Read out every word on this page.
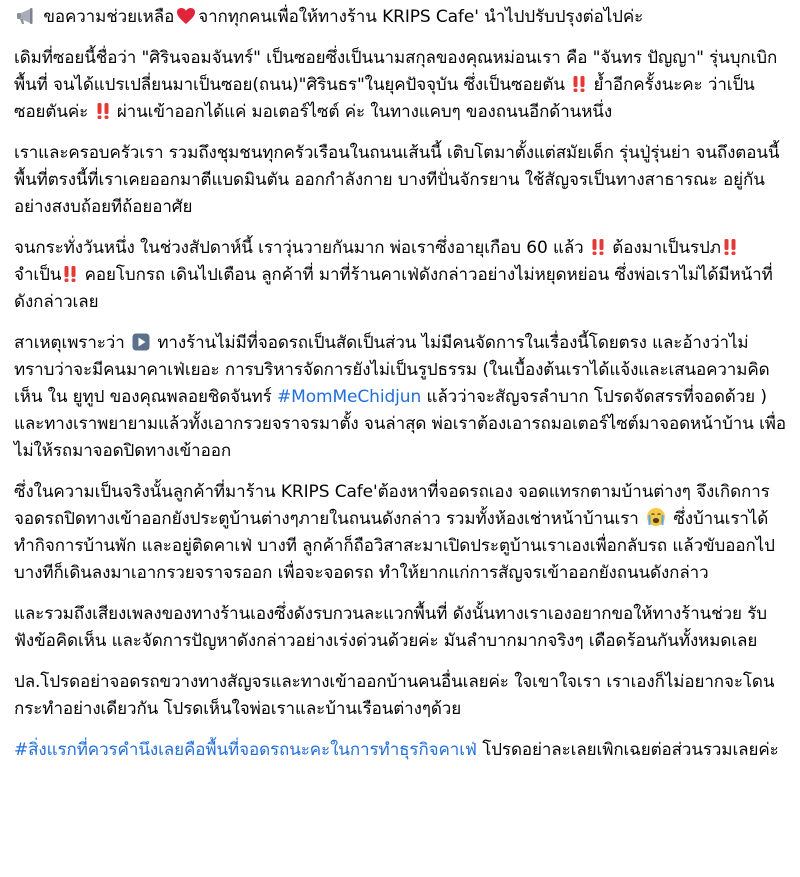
ขอความช่วยเหลือ จากทุกคนเพื่อให้ทางร้าน KRIPS Cafe' นำไปปรับปรุงต่อไปค่ะ

เดิมที่ซอยนี้ชื่อว่า "ศิรินจอมจันทร์" เป็นซอยซึ่งเป็นนามสกุลของคุณหม่อนเรา คือ "จันทร ปัญญา" รุ่นบุกเบิกพื้นที่ จนได้แปรเปลี่ยนมาเป็นซอย(ถนน)"ศิรินธร"ในยุคปัจจุบัน ซึ่งเป็นซอยตัน ย้ำอีกครั้งนะคะ ว่าเป็นซอยตันค่ะ ผ่านเข้าออกได้แค่ มอเตอร์ไซต์ ค่ะ ในทางแคบๆ ของถนนอีกด้านหนึ่ง

เราและครอบครัวเรา รวมถึงชุมชนทุกครัวเรือนในถนนเส้นนี้ เติบโตมาตั้งแต่สมัยเด็ก รุ่นปู่รุ่นย่า จนถึงตอนนี้ พื้นที่ตรงนี้ที่เราเคยออกมาตีแบดมินตัน ออกกำลังกาย บางทีปั่นจักรยาน ใช้สัญจรเป็นทางสาธารณะ อยู่กันอย่างสงบถ้อยทีถ้อยอาศัย

จนกระทั่งวันหนึ่ง ในช่วงสัปดาห์นี้ เราวุ่นวายกันมาก พ่อเราซึ่งอายุเกือบ 60 แล้ว ต้องมาเป็นรปภ
จำเป็น คอยโบกรถ เดินไปเตือน ลูกค้าที่ มาที่ร้านคาเฟ่ดังกล่าวอย่างไม่หยุดหย่อน ซึ่งพ่อเราไม่ได้มีหน้าที่ดังกล่าวเลย

สาเหตุเพราะว่า ทางร้านไม่มีที่จอดรถเป็นสัดเป็นส่วน ไม่มีคนจัดการในเรื่องนี้โดยตรง และอ้างว่าไม่ทราบว่าจะมีคนมาคาเฟ่เยอะ การบริหารจัดการยังไม่เป็นรูปธรรม (ในเบื้องต้นเราได้แจ้งและเสนอความคิดเห็น ใน ยูทูป ของคุณพลอยชิดจันทร์ #MomMeChidjun แล้วว่าจะสัญจรลำบาก โปรดจัดสรรที่จอดด้วย ) และทางเราพยายามแล้วทั้งเอากรวยจราจรมาตั้ง จนล่าสุด พ่อเราต้องเอารถมอเตอร์ไซต์มาจอดหน้าบ้าน เพื่อไม่ให้รถมาจอดปิดทางเข้าออก

ซึ่งในความเป็นจริงนั้นลูกค้าที่มาร้าน KRIPS Cafe'ต้องหาที่จอดรถเอง จอดแทรกตามบ้านต่างๆ จึงเกิดการจอดรถปิดทางเข้าออกยังประตูบ้านต่างๆภายในถนนดังกล่าว รวมทั้งห้องเช่าหน้าบ้านเรา ซึ่งบ้านเราได้ทำกิจการบ้านพัก และอยู่ติดคาเฟ่ บางที ลูกค้าก็ถือวิสาสะมาเปิดประตูบ้านเราเองเพื่อกลับรถ แล้วขับออกไป บางทีก็เดินลงมาเอากรวยจราจรออก เพื่อจะจอดรถ ทำให้ยากแก่การสัญจรเข้าออกยังถนนดังกล่าว

และรวมถึงเสียงเพลงของทางร้านเองซึ่งดังรบกวนละแวกพื้นที่ ดังนั้นทางเราเองอยากขอให้ทางร้านช่วย รับฟังข้อคิดเห็น และจัดการปัญหาดังกล่าวอย่างเร่งด่วนด้วยค่ะ มันลำบากมากจริงๆ เดือดร้อนกันทั้งหมดเลย

ปล.โปรดอย่าจอดรถขวางทางสัญจรและทางเข้าออกบ้านคนอื่นเลยค่ะ ใจเขาใจเรา เราเองก็ไม่อยากจะโดนกระทำอย่างเดียวกัน โปรดเห็นใจพ่อเราและบ้านเรือนต่างๆด้วย

#สิ่งแรกที่ควรคำนึงเลยคือพื้นที่จอดรถนะคะในการทำธุรกิจคาเฟ่ โปรดอย่าละเลยเพิกเฉยต่อส่วนรวมเลยค่ะ
